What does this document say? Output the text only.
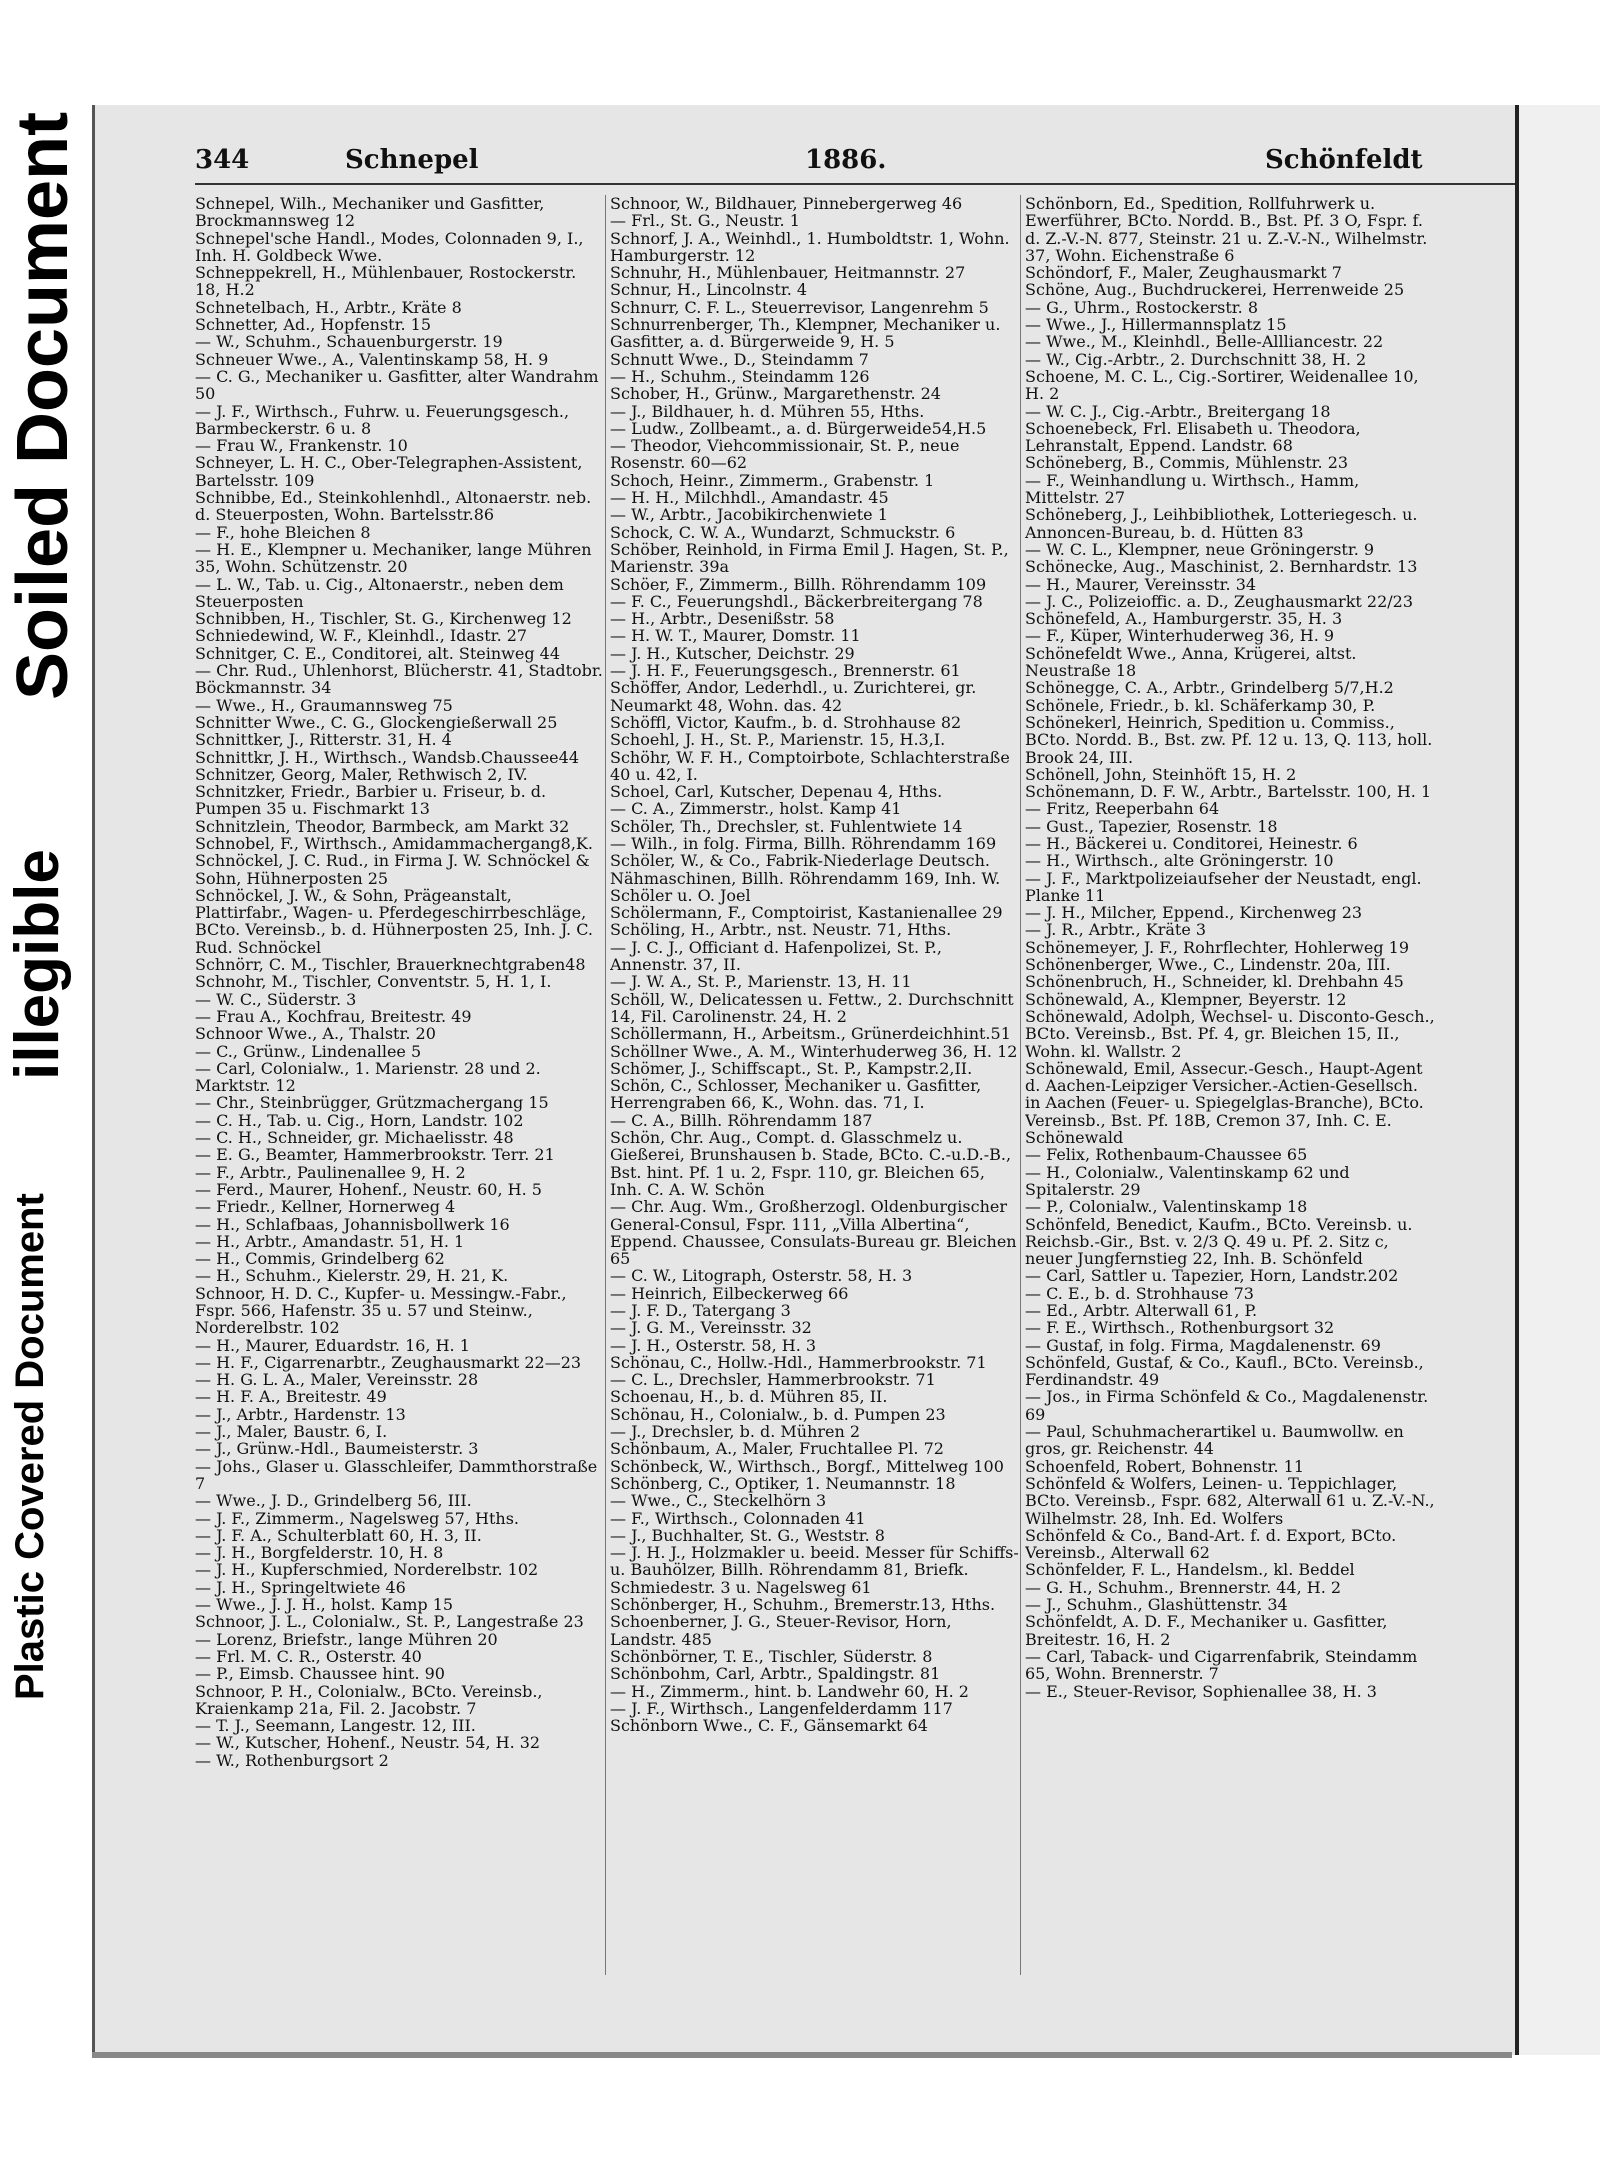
Soiled Document
illegible
Plastic Covered Document
344	Schnepel	1886.	Schönfeldt

Schnepel, Wilh., Mechaniker und Gasfitter, Brockmannsweg 12

Schnepel'sche Handl., Modes, Colonnaden 9, I., Inh. H. Goldbeck Wwe.

Schneppekrell, H., Mühlenbauer, Rostockerstr. 18, H.2

Schnetelbach, H., Arbtr., Kräte 8

Schnetter, Ad., Hopfenstr. 15

— W., Schuhm., Schauenburgerstr. 19

Schneuer Wwe., A., Valentinskamp 58, H. 9

— C. G., Mechaniker u. Gasfitter, alter Wandrahm 50

— J. F., Wirthsch., Fuhrw. u. Feuerungsgesch., Barmbeckerstr. 6 u. 8

— Frau W., Frankenstr. 10

Schneyer, L. H. C., Ober-Telegraphen-Assistent, Bartelsstr. 109

Schnibbe, Ed., Steinkohlenhdl., Altonaerstr. neb. d. Steuerposten, Wohn. Bartelsstr.86

— F., hohe Bleichen 8

— H. E., Klempner u. Mechaniker, lange Mühren 35, Wohn. Schützenstr. 20

— L. W., Tab. u. Cig., Altonaerstr., neben dem Steuerposten

Schnibben, H., Tischler, St. G., Kirchenweg 12

Schniedewind, W. F., Kleinhdl., Idastr. 27

Schnitger, C. E., Conditorei, alt. Steinweg 44

— Chr. Rud., Uhlenhorst, Blücherstr. 41, Stadtobr. Böckmannstr. 34

— Wwe., H., Graumannsweg 75

Schnitter Wwe., C. G., Glockengießerwall 25

Schnittker, J., Ritterstr. 31, H. 4

Schnittkr, J. H., Wirthsch., Wandsb.Chaussee44

Schnitzer, Georg, Maler, Rethwisch 2, IV.

Schnitzker, Friedr., Barbier u. Friseur, b. d. Pumpen 35 u. Fischmarkt 13

Schnitzlein, Theodor, Barmbeck, am Markt 32

Schnobel, F., Wirthsch., Amidammachergang8,K.

Schnöckel, J. C. Rud., in Firma J. W. Schnöckel & Sohn, Hühnerposten 25

Schnöckel, J. W., & Sohn, Prägeanstalt, Plattirfabr., Wagen- u. Pferdegeschirrbeschläge, BCto. Vereinsb., b. d. Hühnerposten 25, Inh. J. C. Rud. Schnöckel

Schnörr, C. M., Tischler, Brauerknechtgraben48

Schnohr, M., Tischler, Conventstr. 5, H. 1, I.

— W. C., Süderstr. 3

— Frau A., Kochfrau, Breitestr. 49

Schnoor Wwe., A., Thalstr. 20

— C., Grünw., Lindenallee 5

— Carl, Colonialw., 1. Marienstr. 28 und 2. Marktstr. 12

— Chr., Steinbrügger, Grützmachergang 15

— C. H., Tab. u. Cig., Horn, Landstr. 102

— C. H., Schneider, gr. Michaelisstr. 48

— E. G., Beamter, Hammerbrookstr. Terr. 21

— F., Arbtr., Paulinenallee 9, H. 2

— Ferd., Maurer, Hohenf., Neustr. 60, H. 5

— Friedr., Kellner, Hornerweg 4

— H., Schlafbaas, Johannisbollwerk 16

— H., Arbtr., Amandastr. 51, H. 1

— H., Commis, Grindelberg 62

— H., Schuhm., Kielerstr. 29, H. 21, K.

Schnoor, H. D. C., Kupfer- u. Messingw.-Fabr., Fspr. 566, Hafenstr. 35 u. 57 und Steinw., Norderelbstr. 102

— H., Maurer, Eduardstr. 16, H. 1

— H. F., Cigarrenarbtr., Zeughausmarkt 22—23

— H. G. L. A., Maler, Vereinsstr. 28

— H. F. A., Breitestr. 49

— J., Arbtr., Hardenstr. 13

— J., Maler, Baustr. 6, I.

— J., Grünw.-Hdl., Baumeisterstr. 3

— Johs., Glaser u. Glasschleifer, Dammthorstraße 7

— Wwe., J. D., Grindelberg 56, III.

— J. F., Zimmerm., Nagelsweg 57, Hths.

— J. F. A., Schulterblatt 60, H. 3, II.

— J. H., Borgfelderstr. 10, H. 8

— J. H., Kupferschmied, Norderelbstr. 102

— J. H., Springeltwiete 46

— Wwe., J. J. H., holst. Kamp 15

Schnoor, J. L., Colonialw., St. P., Langestraße 23

— Lorenz, Briefstr., lange Mühren 20

— Frl. M. C. R., Osterstr. 40

— P., Eimsb. Chaussee hint. 90

Schnoor, P. H., Colonialw., BCto. Vereinsb., Kraienkamp 21a, Fil. 2. Jacobstr. 7

— T. J., Seemann, Langestr. 12, III.

— W., Kutscher, Hohenf., Neustr. 54, H. 32

— W., Rothenburgsort 2

Schnoor, W., Bildhauer, Pinnebergerweg 46

— Frl., St. G., Neustr. 1

Schnorf, J. A., Weinhdl., 1. Humboldtstr. 1, Wohn. Hamburgerstr. 12

Schnuhr, H., Mühlenbauer, Heitmannstr. 27

Schnur, H., Lincolnstr. 4

Schnurr, C. F. L., Steuerrevisor, Langenrehm 5

Schnurrenberger, Th., Klempner, Mechaniker u. Gasfitter, a. d. Bürgerweide 9, H. 5

Schnutt Wwe., D., Steindamm 7

— H., Schuhm., Steindamm 126

Schober, H., Grünw., Margarethenstr. 24

— J., Bildhauer, h. d. Mühren 55, Hths.

— Ludw., Zollbeamt., a. d. Bürgerweide54,H.5

— Theodor, Viehcommissionair, St. P., neue Rosenstr. 60—62

Schoch, Heinr., Zimmerm., Grabenstr. 1

— H. H., Milchhdl., Amandastr. 45

— W., Arbtr., Jacobikirchenwiete 1

Schock, C. W. A., Wundarzt, Schmuckstr. 6

Schöber, Reinhold, in Firma Emil J. Hagen, St. P., Marienstr. 39a

Schöer, F., Zimmerm., Billh. Röhrendamm 109

— F. C., Feuerungshdl., Bäckerbreitergang 78

— H., Arbtr., Desenißstr. 58

— H. W. T., Maurer, Domstr. 11

— J. H., Kutscher, Deichstr. 29

— J. H. F., Feuerungsgesch., Brennerstr. 61

Schöffer, Andor, Lederhdl., u. Zurichterei, gr. Neumarkt 48, Wohn. das. 42

Schöffl, Victor, Kaufm., b. d. Strohhause 82

Schoehl, J. H., St. P., Marienstr. 15, H.3,I.

Schöhr, W. F. H., Comptoirbote, Schlachterstraße 40 u. 42, I.

Schoel, Carl, Kutscher, Depenau 4, Hths.

— C. A., Zimmerstr., holst. Kamp 41

Schöler, Th., Drechsler, st. Fuhlentwiete 14

— Wilh., in folg. Firma, Billh. Röhrendamm 169

Schöler, W., & Co., Fabrik-Niederlage Deutsch. Nähmaschinen, Billh. Röhrendamm 169, Inh. W. Schöler u. O. Joel

Schölermann, F., Comptoirist, Kastanienallee 29

Schöling, H., Arbtr., nst. Neustr. 71, Hths.

— J. C. J., Officiant d. Hafenpolizei, St. P., Annenstr. 37, II.

— J. W. A., St. P., Marienstr. 13, H. 11

Schöll, W., Delicatessen u. Fettw., 2. Durchschnitt 14, Fil. Carolinenstr. 24, H. 2

Schöllermann, H., Arbeitsm., Grünerdeichhint.51

Schöllner Wwe., A. M., Winterhuderweg 36, H. 12

Schömer, J., Schiffscapt., St. P., Kampstr.2,II.

Schön, C., Schlosser, Mechaniker u. Gasfitter, Herrengraben 66, K., Wohn. das. 71, I.

— C. A., Billh. Röhrendamm 187

Schön, Chr. Aug., Compt. d. Glasschmelz u. Gießerei, Brunshausen b. Stade, BCto. C.-u.D.-B., Bst. hint. Pf. 1 u. 2, Fspr. 110, gr. Bleichen 65, Inh. C. A. W. Schön

— Chr. Aug. Wm., Großherzogl. Oldenburgischer General-Consul, Fspr. 111, „Villa Albertina“, Eppend. Chaussee, Consulats-Bureau gr. Bleichen 65

— C. W., Litograph, Osterstr. 58, H. 3

— Heinrich, Eilbeckerweg 66

— J. F. D., Tatergang 3

— J. G. M., Vereinsstr. 32

— J. H., Osterstr. 58, H. 3

Schönau, C., Hollw.-Hdl., Hammerbrookstr. 71

— C. L., Drechsler, Hammerbrookstr. 71

Schoenau, H., b. d. Mühren 85, II.

Schönau, H., Colonialw., b. d. Pumpen 23

— J., Drechsler, b. d. Mühren 2

Schönbaum, A., Maler, Fruchtallee Pl. 72

Schönbeck, W., Wirthsch., Borgf., Mittelweg 100

Schönberg, C., Optiker, 1. Neumannstr. 18

— Wwe., C., Steckelhörn 3

— F., Wirthsch., Colonnaden 41

— J., Buchhalter, St. G., Weststr. 8

— J. H. J., Holzmakler u. beeid. Messer für Schiffs- u. Bauhölzer, Billh. Röhrendamm 81, Briefk. Schmiedestr. 3 u. Nagelsweg 61

Schönberger, H., Schuhm., Bremerstr.13, Hths.

Schoenberner, J. G., Steuer-Revisor, Horn, Landstr. 485

Schönbörner, T. E., Tischler, Süderstr. 8

Schönbohm, Carl, Arbtr., Spaldingstr. 81

— H., Zimmerm., hint. b. Landwehr 60, H. 2

— J. F., Wirthsch., Langenfelderdamm 117

Schönborn Wwe., C. F., Gänsemarkt 64

Schönborn, Ed., Spedition, Rollfuhrwerk u. Ewerführer, BCto. Nordd. B., Bst. Pf. 3 O, Fspr. f. d. Z.-V.-N. 877, Steinstr. 21 u. Z.-V.-N., Wilhelmstr. 37, Wohn. Eichenstraße 6

Schöndorf, F., Maler, Zeughausmarkt 7

Schöne, Aug., Buchdruckerei, Herrenweide 25

— G., Uhrm., Rostockerstr. 8

— Wwe., J., Hillermannsplatz 15

— Wwe., M., Kleinhdl., Belle-Allliancestr. 22

— W., Cig.-Arbtr., 2. Durchschnitt 38, H. 2

Schoene, M. C. L., Cig.-Sortirer, Weidenallee 10, H. 2

— W. C. J., Cig.-Arbtr., Breitergang 18

Schoenebeck, Frl. Elisabeth u. Theodora, Lehranstalt, Eppend. Landstr. 68

Schöneberg, B., Commis, Mühlenstr. 23

— F., Weinhandlung u. Wirthsch., Hamm, Mittelstr. 27

Schöneberg, J., Leihbibliothek, Lotteriegesch. u. Annoncen-Bureau, b. d. Hütten 83

— W. C. L., Klempner, neue Gröningerstr. 9

Schönecke, Aug., Maschinist, 2. Bernhardstr. 13

— H., Maurer, Vereinsstr. 34

— J. C., Polizeioffic. a. D., Zeughausmarkt 22/23

Schönefeld, A., Hamburgerstr. 35, H. 3

— F., Küper, Winterhuderweg 36, H. 9

Schönefeldt Wwe., Anna, Krügerei, altst. Neustraße 18

Schönegge, C. A., Arbtr., Grindelberg 5/7,H.2

Schönele, Friedr., b. kl. Schäferkamp 30, P.

Schönekerl, Heinrich, Spedition u. Commiss., BCto. Nordd. B., Bst. zw. Pf. 12 u. 13, Q. 113, holl. Brook 24, III.

Schönell, John, Steinhöft 15, H. 2

Schönemann, D. F. W., Arbtr., Bartelsstr. 100, H. 1

— Fritz, Reeperbahn 64

— Gust., Tapezier, Rosenstr. 18

— H., Bäckerei u. Conditorei, Heinestr. 6

— H., Wirthsch., alte Gröningerstr. 10

— J. F., Marktpolizeiaufseher der Neustadt, engl. Planke 11

— J. H., Milcher, Eppend., Kirchenweg 23

— J. R., Arbtr., Kräte 3

Schönemeyer, J. F., Rohrflechter, Hohlerweg 19

Schönenberger, Wwe., C., Lindenstr. 20a, III.

Schönenbruch, H., Schneider, kl. Drehbahn 45

Schönewald, A., Klempner, Beyerstr. 12

Schönewald, Adolph, Wechsel- u. Disconto-Gesch., BCto. Vereinsb., Bst. Pf. 4, gr. Bleichen 15, II., Wohn. kl. Wallstr. 2

Schönewald, Emil, Assecur.-Gesch., Haupt-Agent d. Aachen-Leipziger Versicher.-Actien-Gesellsch. in Aachen (Feuer- u. Spiegelglas-Branche), BCto. Vereinsb., Bst. Pf. 18B, Cremon 37, Inh. C. E. Schönewald

— Felix, Rothenbaum-Chaussee 65

— H., Colonialw., Valentinskamp 62 und Spitalerstr. 29

— P., Colonialw., Valentinskamp 18

Schönfeld, Benedict, Kaufm., BCto. Vereinsb. u. Reichsb.-Gir., Bst. v. 2/3 Q. 49 u. Pf. 2. Sitz c, neuer Jungfernstieg 22, Inh. B. Schönfeld

— Carl, Sattler u. Tapezier, Horn, Landstr.202

— C. E., b. d. Strohhause 73

— Ed., Arbtr. Alterwall 61, P.

— F. E., Wirthsch., Rothenburgsort 32

— Gustaf, in folg. Firma, Magdalenenstr. 69

Schönfeld, Gustaf, & Co., Kaufl., BCto. Vereinsb., Ferdinandstr. 49

— Jos., in Firma Schönfeld & Co., Magdalenenstr. 69

— Paul, Schuhmacherartikel u. Baumwollw. en gros, gr. Reichenstr. 44

Schoenfeld, Robert, Bohnenstr. 11

Schönfeld & Wolfers, Leinen- u. Teppichlager, BCto. Vereinsb., Fspr. 682, Alterwall 61 u. Z.-V.-N., Wilhelmstr. 28, Inh. Ed. Wolfers

Schönfeld & Co., Band-Art. f. d. Export, BCto. Vereinsb., Alterwall 62

Schönfelder, F. L., Handelsm., kl. Beddel

— G. H., Schuhm., Brennerstr. 44, H. 2

— J., Schuhm., Glashüttenstr. 34

Schönfeldt, A. D. F., Mechaniker u. Gasfitter, Breitestr. 16, H. 2

— Carl, Taback- und Cigarrenfabrik, Steindamm 65, Wohn. Brennerstr. 7

— E., Steuer-Revisor, Sophienallee 38, H. 3
